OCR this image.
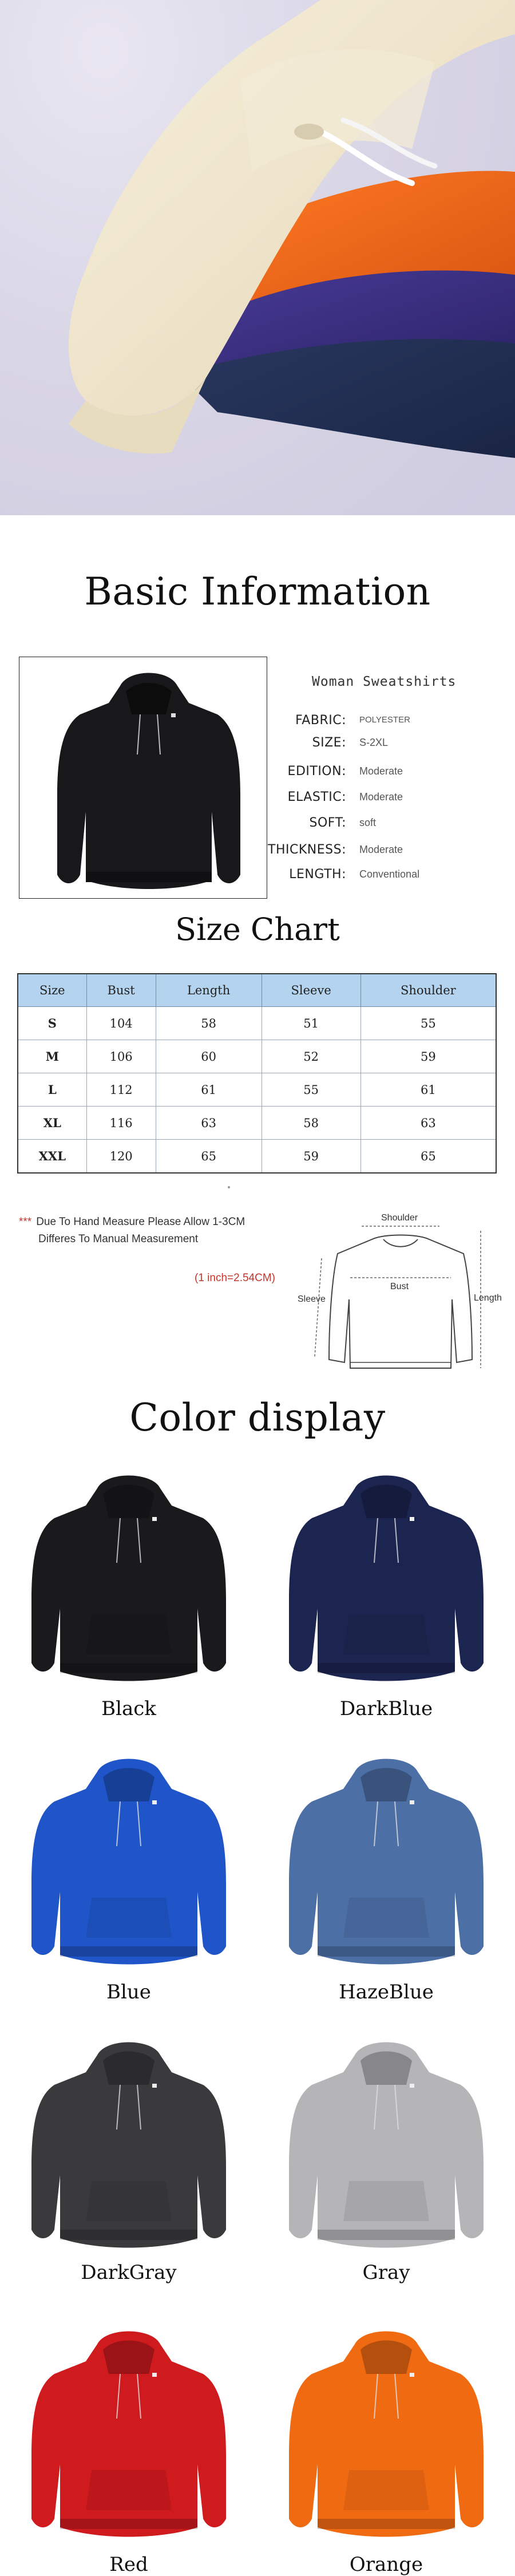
Basic Information
Woman Sweatshirts
FABRIC: POLYESTER
SIZE: S-2XL
EDITION: Moderate
ELASTIC: Moderate
SOFT: soft
THICKNESS: Moderate
LENGTH: Conventional
Size Chart
Size	Bust	Length	Sleeve	Shoulder
S	104	58	51	55
M	106	60	52	59
L	112	61	55	61
XL	116	63	58	63
XXL	120	65	59	65
*** Due To Hand Measure Please Allow 1-3CM
Differes To Manual Measurement
(1 inch=2.54CM)
Shoulder
Bust
Sleeve	Length
Color display
Black	DarkBlue
Blue	HazeBlue
DarkGray	Gray
Red	Orange
